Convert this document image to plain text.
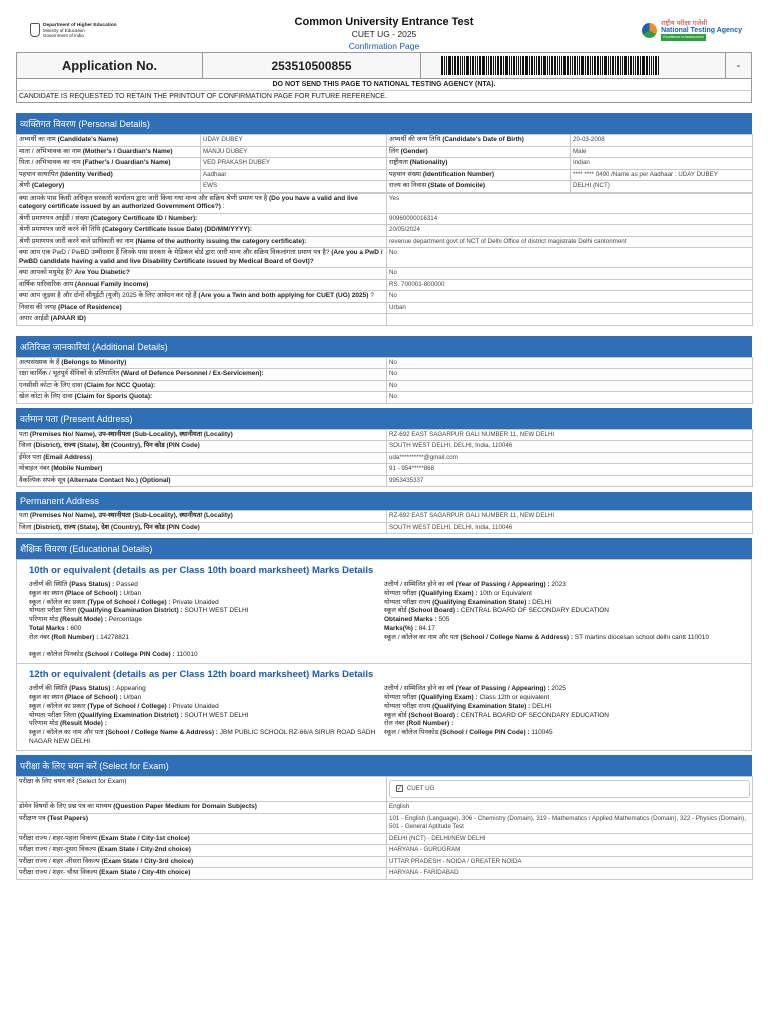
Department of Higher Education
Ministry of Education
Government of India
Common University Entrance Test
CUET UG - 2025
Confirmation Page
राष्ट्रीय परीक्षा एजेंसी
National Testing Agency
Excellence in Assessment
Application No.	253510500855	-
DO NOT SEND THIS PAGE TO NATIONAL TESTING AGENCY (NTA).
CANDIDATE IS REQUESTED TO RETAIN THE PRINTOUT OF CONFIRMATION PAGE FOR FUTURE REFERENCE.
व्यक्तिगत विवरण (Personal Details)
अभ्यर्थी का नाम (Candidate's Name)	UDAY DUBEY	अभ्यर्थी की जन्म तिथि (Candidate's Date of Birth)	20-03-2008
माता / अभिभावक का नाम (Mother's / Guardian's Name)	MANJU DUBEY	लिंग (Gender)	Male
पिता / अभिभावक का नाम (Father's / Guardian's Name)	VED PRAKASH DUBEY	राष्ट्रीयता (Nationality)	Indian
पहचान सत्यापित (Identity Verified)	Aadhaar	पहचान संख्या (Identification Number)	**** **** 0490 /Name as per Aadhaar : UDAY DUBEY
श्रेणी (Category)	EWS	राज्य का निवास (State of Domicile)	DELHI (NCT)
क्या आपके पास किसी अधिकृत सरकारी कार्यालय द्वारा जारी किया गया मान्य और सक्रिय श्रेणी प्रमाण पत्र है (Do you have a valid and live category certificate issued by an authorized Government Office?) :	Yes
श्रेणी प्रमाणपत्र आईडी / संख्या (Category Certificate ID / Number):	90960000016314
श्रेणी प्रमाणपत्र जारी करने की तिथि (Category Certificate Issue Date) (DD/MM/YYYY):	20/05/2024
श्रेणी प्रमाणपत्र जारी करने वाले प्राधिकारी का नाम (Name of the authority issuing the category certificate):	revenue department govt of NCT of Delhi Office of district magistrate Delhi cantonment
क्या आप एक PwD / PwBD उम्मीदवार हैं जिनके पास सरकार के मेडिकल बोर्ड द्वारा जारी मान्य और सक्रिय विकलांगता प्रमाण पत्र है? (Are you a PwD / PwBD candidate having a valid and live Disability Certificate issued by Medical Board of Govt)?	No
क्या आपको मधुमेह है? Are You Diabetic?	No
वार्षिक पारिवारिक आय (Annual Family Income)	RS. 700001-800000
क्या आप जुड़वा है और दोनों सीयूईटी (यूजी) 2025 के लिए आवेदन कर रहे हैं (Are you a Twin and both applying for CUET (UG) 2025) ?	No
निवास की जगह (Place of Residence)	Urban
अपार आईडी (APAAR ID)	
अतिरिक्त जानकारियां (Additional Details)
अल्पसंख्यक के हैं (Belongs to Minority)	No
रक्षा कार्मिक / भूतपूर्व सैनिकों के प्रतिपालित (Ward of Defence Personnel / Ex-Servicemen):	No
एनसीसी कोटा के लिए दावा (Claim for NCC Quota):	No
खेल कोटा के लिए दावा (Claim for Sports Quota):	No
वर्तमान पता (Present Address)
पता (Premises No/ Name), उप-स्थानीयता (Sub-Locality), स्थानीयता (Locality)	RZ-692 EAST SAGARPUR GALI NUMBER 11, NEW DELHI
जिला (District), राज्य (State), देश (Country), पिन कोड (PIN Code)	SOUTH WEST DELHI, DELHI, India, 110046
ईमेल पता (Email Address)	uda**********@gmail.com
मोबाइल नंबर (Mobile Number)	91 - 954*****868
वैकल्पिक संपर्क सूत्र (Alternate Contact No.) (Optional)	9953435337
Permanent Address
पता (Premises No/ Name), उप-स्थानीयता (Sub-Locality), स्थानीयता (Locality)	RZ-692 EAST SAGARPUR GALI NUMBER 11, NEW DELHI
जिला (District), राज्य (State), देश (Country), पिन कोड (PIN Code)	SOUTH WEST DELHI, DELHI, India, 110046
शैक्षिक विवरण (Educational Details)
10th or equivalent (details as per Class 10th board marksheet) Marks Details
उत्तीर्ण की स्थिति (Pass Status) : Passed
स्कूल का स्थान (Place of School) : Urban
स्कूल / कॉलेज का प्रकार (Type of School / College) : Private Unaided
योग्यता परीक्षा जिला (Qualifying Examination District) : SOUTH WEST DELHI
परिणाम मोड (Result Mode) : Percentage
Total Marks : 600
रोल नंबर (Roll Number) : 14278821

स्कूल / कॉलेज पिनकोड (School / College PIN Code) : 110010
उत्तीर्ण / सम्मिलित होने का वर्ष (Year of Passing / Appearing) : 2023
योग्यता परीक्षा (Qualifying Exam) : 10th or Equivalent
योग्यता परीक्षा राज्य (Qualifying Examination State) : DELHI
स्कूल बोर्ड (School Board) : CENTRAL BOARD OF SECONDARY EDUCATION
Obtained Marks : 505
Marks(%) : 84.17
स्कूल / कॉलेज का नाम और पता (School / College Name & Address) : ST martins diocesan school delhi cantt 110010
12th or equivalent (details as per Class 12th board marksheet) Marks Details
उत्तीर्ण की स्थिति (Pass Status) : Appearing
स्कूल का स्थान (Place of School) : Urban
स्कूल / कॉलेज का प्रकार (Type of School / College) : Private Unaided
योग्यता परीक्षा जिला (Qualifying Examination District) : SOUTH WEST DELHI
परिणाम मोड (Result Mode) :
स्कूल / कॉलेज का नाम और पता (School / College Name & Address) : JBM PUBLIC SCHOOL RZ-66/A SIRUR ROAD SADH NAGAR NEW DELHI
उत्तीर्ण / सम्मिलित होने का वर्ष (Year of Passing / Appearing) : 2025
योग्यता परीक्षा (Qualifying Exam) : Class 12th or equivalent
योग्यता परीक्षा राज्य (Qualifying Examination State) : DELHI
स्कूल बोर्ड (School Board) : CENTRAL BOARD OF SECONDARY EDUCATION
रोल नंबर (Roll Number) :
स्कूल / कॉलेज पिनकोड (School / College PIN Code) : 110045
परीक्षा के लिए चयन करें (Select for Exam)
परीक्षा के लिए चयन करें (Select for Exam)	✓ CUET UG

डोमेन विषयों के लिए प्रश्न पत्र का माध्यम (Question Paper Medium for Domain Subjects)	English
परीक्षण पत्र (Test Papers)	101 - English (Language), 306 - Chemistry (Domain), 319 - Mathematics / Applied Mathematics (Domain), 322 - Physics (Domain), 501 - General Aptitude Test
परीक्षा राज्य / शहर-पहला विकल्प (Exam State / City-1st choice)	DELHI (NCT) - DELHI/NEW DELHI
परीक्षा राज्य / शहर-दूसरा विकल्प (Exam State / City-2nd choice)	HARYANA - GURUGRAM
परीक्षा राज्य / शहर -तीसरा विकल्प (Exam State / City-3rd choice)	UTTAR PRADESH - NOIDA / GREATER NOIDA
परीक्षा राज्य / शहर- चौथा विकल्प (Exam State / City-4th choice)	HARYANA - FARIDABAD
